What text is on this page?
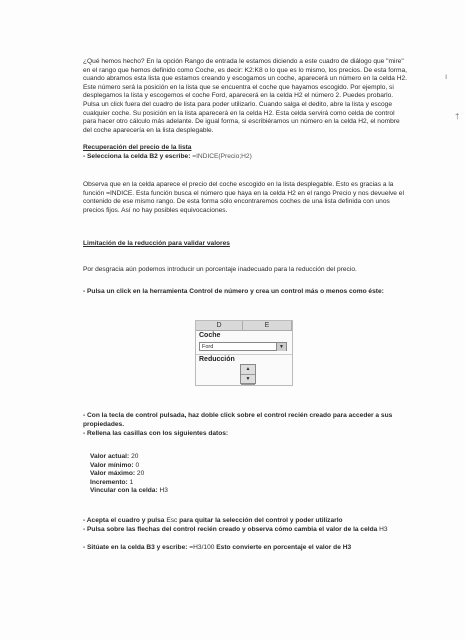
¿Qué hemos hecho? En la opción Rango de entrada le estamos diciendo a este cuadro de diálogo que "mire" en el rango que hemos definido como Coche, es decir: K2:K8 o lo que es lo mismo, los precios. De esta forma, cuando abramos esta lista que estamos creando y escogamos un coche, aparecerá un número en la celda H2. Este número será la posición en la lista que se encuentra el coche que hayamos escogido. Por ejemplo, si desplegamos la lista y escogemos el coche Ford, aparecerá en la celda H2 el número 2. Puedes probarlo. Pulsa un click fuera del cuadro de lista para poder utilizarlo. Cuando salga el dedito, abre la lista y escoge cualquier coche. Su posición en la lista aparecerá en la celda H2. Esta celda servirá como celda de control para hacer otro cálculo más adelante. De igual forma, si escribiéramos un número en la celda H2, el nombre del coche aparecería en la lista desplegable.

Recuperación del precio de la lista

- Selecciona la celda B2 y escribe: =INDICE(Precio;H2)

Observa que en la celda aparece el precio del coche escogido en la lista desplegable. Esto es gracias a la función =INDICE. Esta función busca el número que haya en la celda H2 en el rango Precio y nos devuelve el contenido de ese mismo rango. De esta forma sólo encontraremos coches de una lista definida con unos precios fijos. Así no hay posibles equivocaciones.

Limitación de la reducción para validar valores

Por desgracia aún podemos introducir un porcentaje inadecuado para la reducción del precio.

- Pulsa un click en la herramienta Control de número y crea un control más o menos como éste:

D	E
Coche
Ford	▼
Reducción
▲
▼

- Con la tecla de control pulsada, haz doble click sobre el control recién creado para acceder a sus propiedades.

- Rellena las casillas con los siguientes datos:

Valor actual: 20
Valor mínimo: 0
Valor máximo: 20
Incremento: 1
Vincular con la celda: H3

- Acepta el cuadro y pulsa Esc para quitar la selección del control y poder utilizarlo

- Pulsa sobre las flechas del control recién creado y observa cómo cambia el valor de la celda H3

- Sitúate en la celda B3 y escribe: =H3/100 Esto convierte en porcentaje el valor de H3

ı
†
